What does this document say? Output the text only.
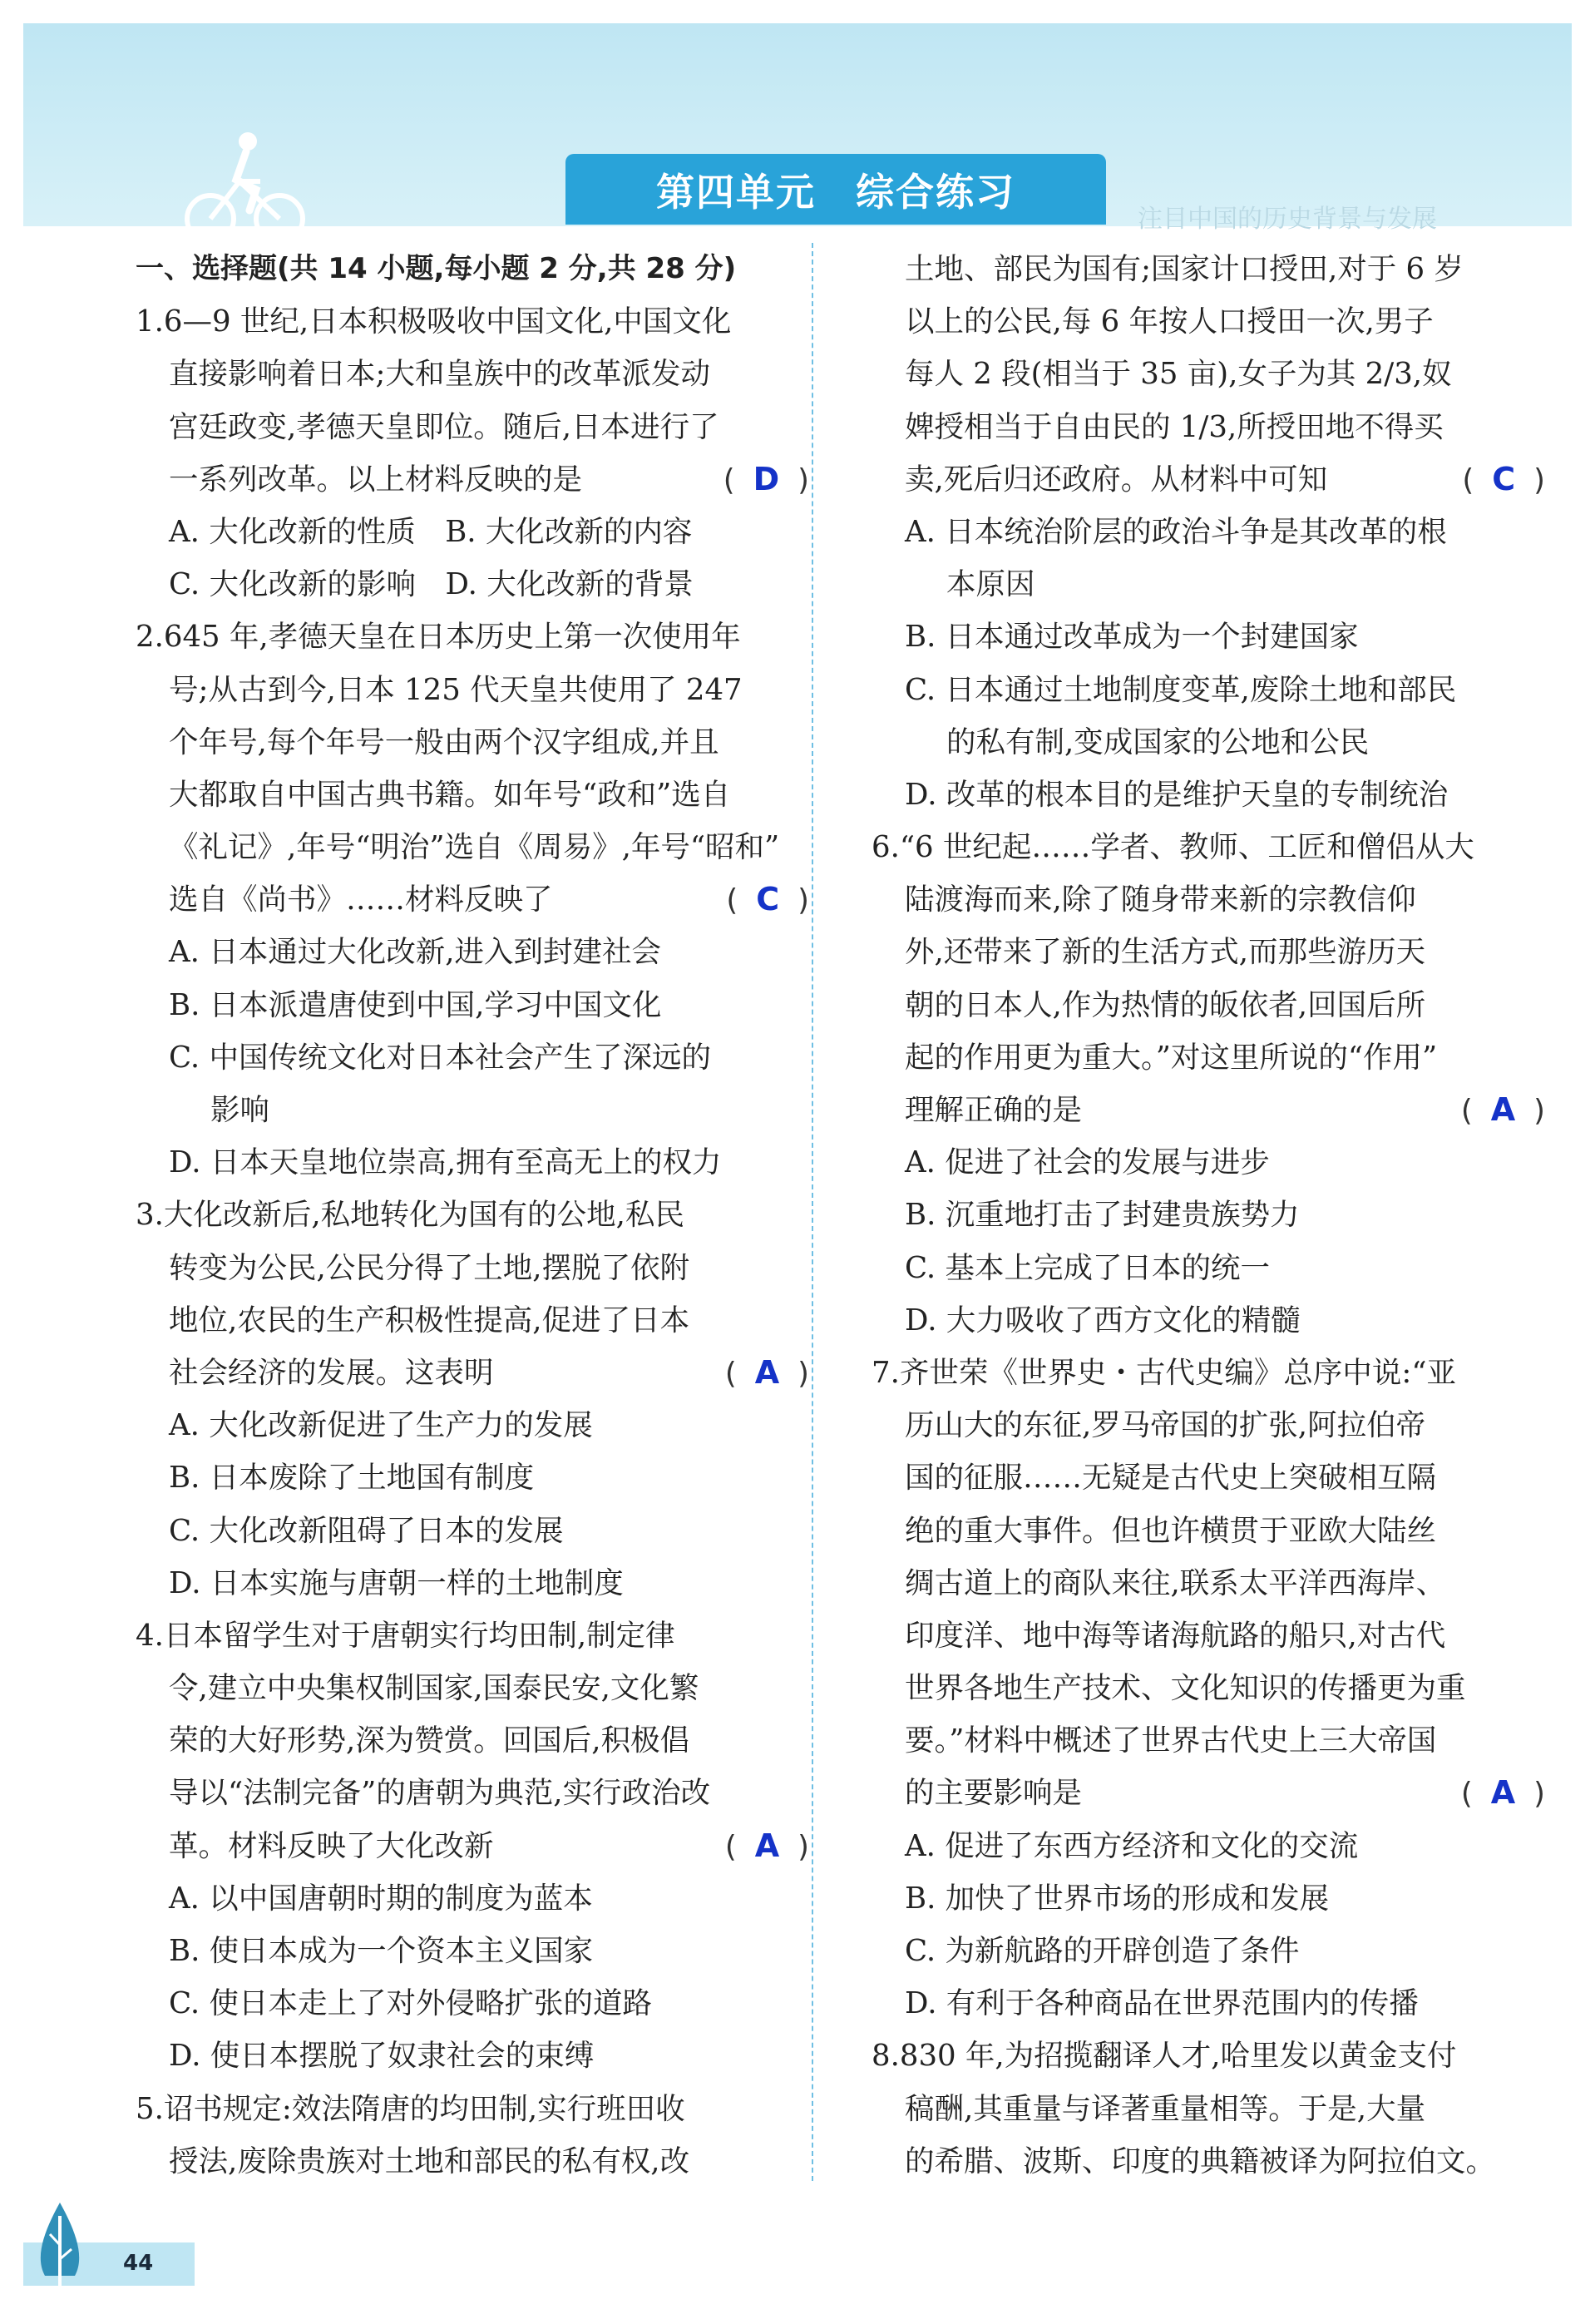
注目中国的历史背景与发展
第四单元　综合练习
一、选择题(共 14 小题,每小题 2 分,共 28 分)
1.6—9 世纪,日本积极吸收中国文化,中国文化
直接影响着日本;大和皇族中的改革派发动
宫廷政变,孝德天皇即位。随后,日本进行了
一系列改革。以上材料反映的是	( D )
A. 大化改新的性质　B. 大化改新的内容
C. 大化改新的影响　D. 大化改新的背景
2.645 年,孝德天皇在日本历史上第一次使用年
号;从古到今,日本 125 代天皇共使用了 247
个年号,每个年号一般由两个汉字组成,并且
大都取自中国古典书籍。如年号“政和”选自
《礼记》,年号“明治”选自《周易》,年号“昭和”
选自《尚书》……材料反映了	( C )
A. 日本通过大化改新,进入到封建社会
B. 日本派遣唐使到中国,学习中国文化
C. 中国传统文化对日本社会产生了深远的
影响
D. 日本天皇地位崇高,拥有至高无上的权力
3.大化改新后,私地转化为国有的公地,私民
转变为公民,公民分得了土地,摆脱了依附
地位,农民的生产积极性提高,促进了日本
社会经济的发展。这表明	( A )
A. 大化改新促进了生产力的发展
B. 日本废除了土地国有制度
C. 大化改新阻碍了日本的发展
D. 日本实施与唐朝一样的土地制度
4.日本留学生对于唐朝实行均田制,制定律
令,建立中央集权制国家,国泰民安,文化繁
荣的大好形势,深为赞赏。回国后,积极倡
导以“法制完备”的唐朝为典范,实行政治改
革。材料反映了大化改新	( A )
A. 以中国唐朝时期的制度为蓝本
B. 使日本成为一个资本主义国家
C. 使日本走上了对外侵略扩张的道路
D. 使日本摆脱了奴隶社会的束缚
5.诏书规定:效法隋唐的均田制,实行班田收
授法,废除贵族对土地和部民的私有权,改
土地、部民为国有;国家计口授田,对于 6 岁
以上的公民,每 6 年按人口授田一次,男子
每人 2 段(相当于 35 亩),女子为其 2/3,奴
婢授相当于自由民的 1/3,所授田地不得买
卖,死后归还政府。从材料中可知	( C )
A. 日本统治阶层的政治斗争是其改革的根
本原因
B. 日本通过改革成为一个封建国家
C. 日本通过土地制度变革,废除土地和部民
的私有制,变成国家的公地和公民
D. 改革的根本目的是维护天皇的专制统治
6.“6 世纪起……学者、教师、工匠和僧侣从大
陆渡海而来,除了随身带来新的宗教信仰
外,还带来了新的生活方式,而那些游历天
朝的日本人,作为热情的皈依者,回国后所
起的作用更为重大。”对这里所说的“作用”
理解正确的是	( A )
A. 促进了社会的发展与进步
B. 沉重地打击了封建贵族势力
C. 基本上完成了日本的统一
D. 大力吸收了西方文化的精髓
7.齐世荣《世界史・古代史编》总序中说:“亚
历山大的东征,罗马帝国的扩张,阿拉伯帝
国的征服……无疑是古代史上突破相互隔
绝的重大事件。但也许横贯于亚欧大陆丝
绸古道上的商队来往,联系太平洋西海岸、
印度洋、地中海等诸海航路的船只,对古代
世界各地生产技术、文化知识的传播更为重
要。”材料中概述了世界古代史上三大帝国
的主要影响是	( A )
A. 促进了东西方经济和文化的交流
B. 加快了世界市场的形成和发展
C. 为新航路的开辟创造了条件
D. 有利于各种商品在世界范围内的传播
8.830 年,为招揽翻译人才,哈里发以黄金支付
稿酬,其重量与译著重量相等。于是,大量
的希腊、波斯、印度的典籍被译为阿拉伯文。
44
